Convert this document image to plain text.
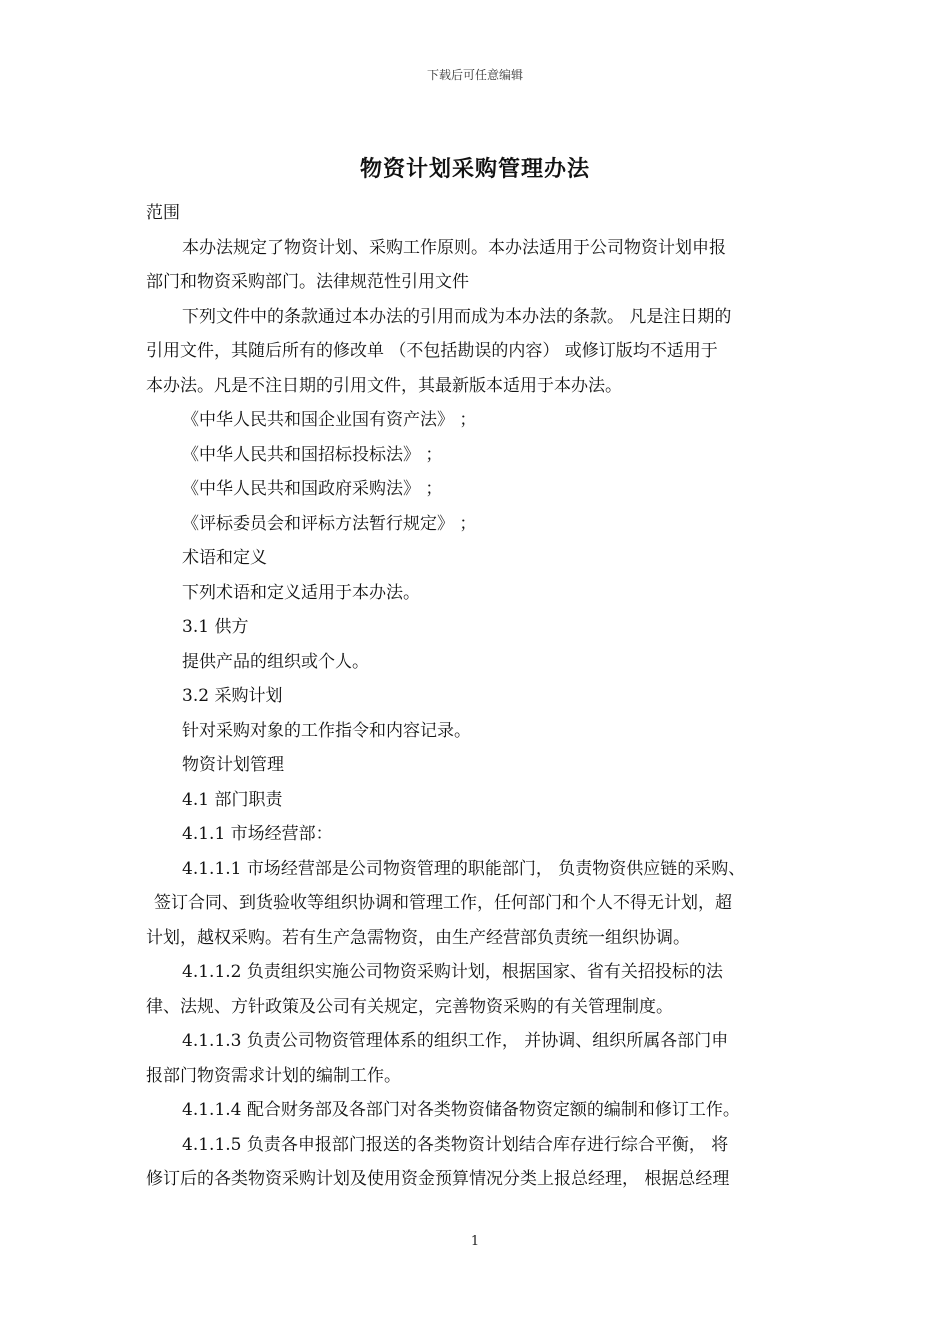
下载后可任意编辑
物资计划采购管理办法

范围

本办法规定了物资计划、采购工作原则。本办法适用于公司物资计划申报

部门和物资采购部门。法律规范性引用文件

下列文件中的条款通过本办法的引用而成为本办法的条款。 凡是注日期的

引用文件，其随后所有的修改单 （不包括勘误的内容） 或修订版均不适用于

本办法。凡是不注日期的引用文件，其最新版本适用于本办法。

《中华人民共和国企业国有资产法》 ；

《中华人民共和国招标投标法》 ；

《中华人民共和国政府采购法》 ；

《评标委员会和评标方法暂行规定》 ；

术语和定义

下列术语和定义适用于本办法。

3.1 供方

提供产品的组织或个人。

3.2 采购计划

针对采购对象的工作指令和内容记录。

物资计划管理

4.1 部门职责

4.1.1 市场经营部：

4.1.1.1 市场经营部是公司物资管理的职能部门， 负责物资供应链的采购、

签订合同、到货验收等组织协调和管理工作，任何部门和个人不得无计划，超

计划，越权采购。若有生产急需物资，由生产经营部负责统一组织协调。

4.1.1.2 负责组织实施公司物资采购计划，根据国家、省有关招投标的法

律、法规、方针政策及公司有关规定，完善物资采购的有关管理制度。

4.1.1.3 负责公司物资管理体系的组织工作， 并协调、组织所属各部门申

报部门物资需求计划的编制工作。

4.1.1.4 配合财务部及各部门对各类物资储备物资定额的编制和修订工作。

4.1.1.5 负责各申报部门报送的各类物资计划结合库存进行综合平衡， 将

修订后的各类物资采购计划及使用资金预算情况分类上报总经理， 根据总经理

1
